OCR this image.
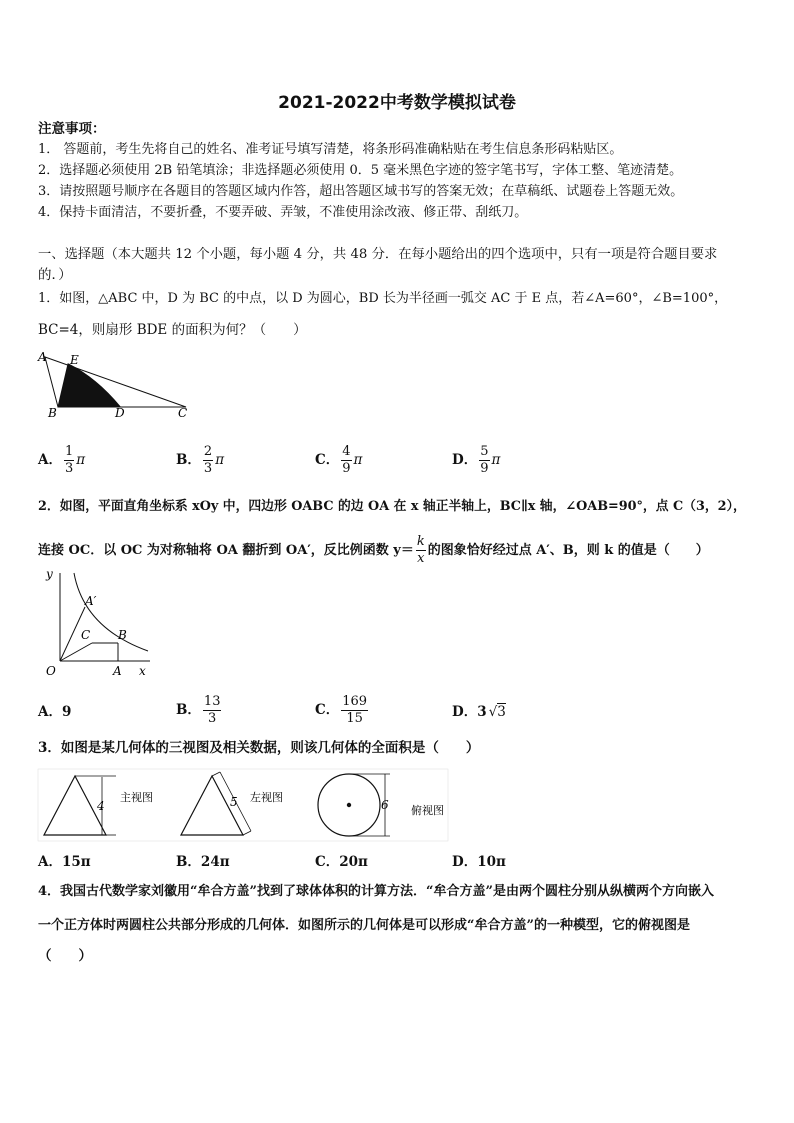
2021-2022中考数学模拟试卷
注意事项：
1． 答题前，考生先将自己的姓名、准考证号填写清楚，将条形码准确粘贴在考生信息条形码粘贴区。
2．选择题必须使用 2B 铅笔填涂；非选择题必须使用 0．5 毫米黑色字迹的签字笔书写，字体工整、笔迹清楚。
3．请按照题号顺序在各题目的答题区域内作答，超出答题区域书写的答案无效；在草稿纸、试题卷上答题无效。
4．保持卡面清洁，不要折叠，不要弄破、弄皱，不准使用涂改液、修正带、刮纸刀。
一、选择题（本大题共 12 个小题，每小题 4 分，共 48 分．在每小题给出的四个选项中，只有一项是符合题目要求
的．）
1．如图，△ABC 中，D 为 BC 的中点，以 D 为圆心，BD 长为半径画一弧交 AC 于 E 点，若∠A=60°，∠B=100°，
BC=4，则扇形 BDE 的面积为何？（　　）
A E
B	D	C
A． $\frac{1}{3}$ π	B． $\frac{2}{3}$ π	C． $\frac{4}{9}$ π	D． $\frac{5}{9}$ π
2．如图，平面直角坐标系 xOy 中，四边形 OABC 的边 OA 在 x 轴正半轴上，BC∥x 轴，∠OAB=90°，点 C（3，2），
连接 OC．以 OC 为对称轴将 OA 翻折到 OA′，反比例函数 $y= \frac{k}{x}$ 的图象恰好经过点 A′、B，则 k 的值是（　　）
y
x
O	A
A′
C B
A．9	B． $\frac{13}{3}$	C． $\frac{169}{15}$	D．3 √3
3．如图是某几何体的三视图及相关数据，则该几何体的全面积是（　　）
4
主视图	5 左视图
6 俯视图
A．15π	B．24π	C．20π	D．10π
4．我国古代数学家刘徽用“牟合方盖”找到了球体体积的计算方法．“牟合方盖”是由两个圆柱分别从纵横两个方向嵌入
一个正方体时两圆柱公共部分形成的几何体．如图所示的几何体是可以形成“牟合方盖”的一种模型，它的俯视图是
（　　）
